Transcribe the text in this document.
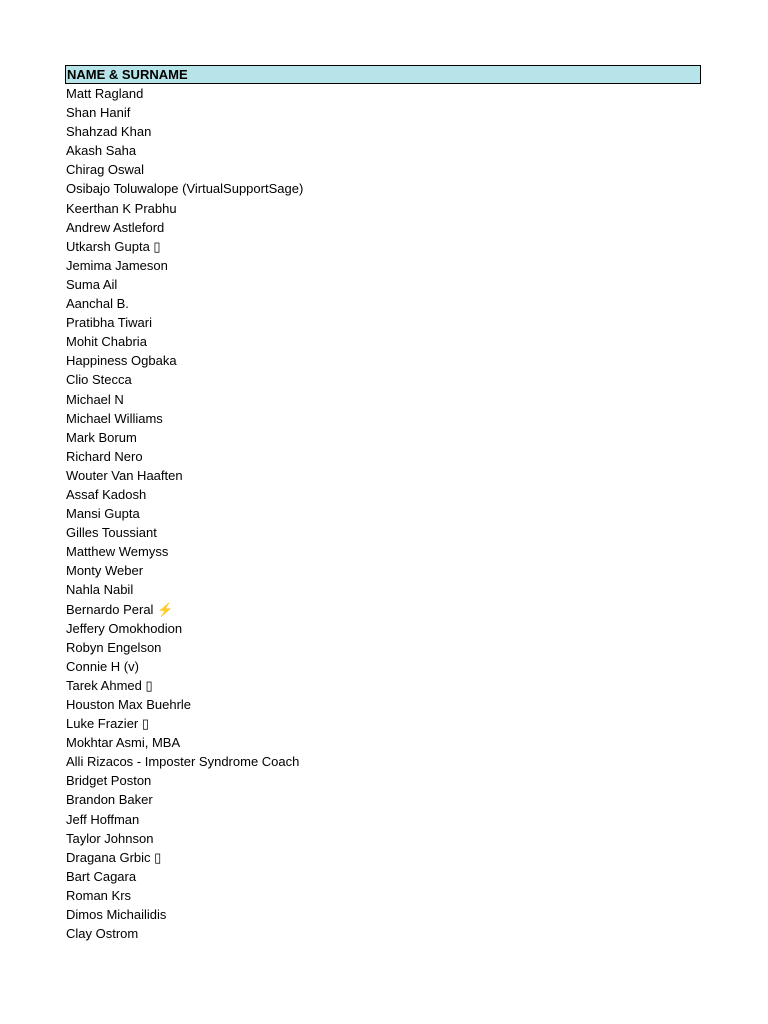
NAME & SURNAME
Matt Ragland
Shan Hanif
Shahzad Khan
Akash Saha
Chirag Oswal
Osibajo Toluwalope (VirtualSupportSage)
Keerthan K Prabhu
Andrew Astleford
Utkarsh Gupta ▯
Jemima Jameson
Suma Ail
Aanchal B.
Pratibha Tiwari
Mohit Chabria
Happiness Ogbaka
Clio Stecca
Michael N
Michael Williams
Mark Borum
Richard Nero
Wouter Van Haaften
Assaf Kadosh
Mansi Gupta
Gilles Toussiant
Matthew Wemyss
Monty Weber
Nahla Nabil
Bernardo Peral ⚡
Jeffery Omokhodion
Robyn Engelson
Connie H (v)
Tarek Ahmed ▯
Houston Max Buehrle
Luke Frazier ▯
Mokhtar Asmi, MBA
Alli Rizacos - Imposter Syndrome Coach
Bridget Poston
Brandon Baker
Jeff Hoffman
Taylor Johnson
Dragana Grbic ▯
Bart Cagara
Roman Krs
Dimos Michailidis
Clay Ostrom
